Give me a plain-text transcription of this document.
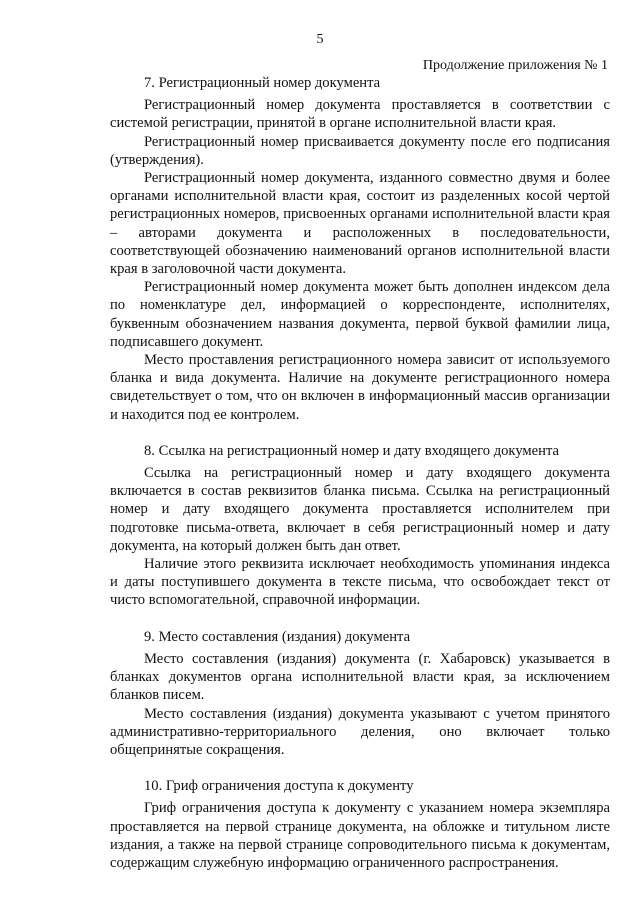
5
Продолжение приложения № 1

7. Регистрационный номер документа

Регистрационный номер документа проставляется в соответствии с системой регистрации, принятой в органе исполнительной власти края.

Регистрационный номер присваивается документу после его подписания (утверждения).

Регистрационный номер документа, изданного совместно двумя и более органами исполнительной власти края, состоит из разделенных косой чертой регистрационных номеров, присвоенных органами исполнительной власти края – авторами документа и расположенных в последовательности, соответствующей обозначению наименований органов исполнительной власти края в заголовочной части документа.

Регистрационный номер документа может быть дополнен индексом дела по номенклатуре дел, информацией о корреспонденте, исполнителях, буквенным обозначением названия документа, первой буквой фамилии лица, подписавшего документ.

Место проставления регистрационного номера зависит от используемого бланка и вида документа. Наличие на документе регистрационного номера свидетельствует о том, что он включен в информационный массив организации и находится под ее контролем.

8. Ссылка на регистрационный номер и дату входящего документа

Ссылка на регистрационный номер и дату входящего документа включается в состав реквизитов бланка письма. Ссылка на регистрационный номер и дату входящего документа проставляется исполнителем при подготовке письма-ответа, включает в себя регистрационный номер и дату документа, на который должен быть дан ответ.

Наличие этого реквизита исключает необходимость упоминания индекса и даты поступившего документа в тексте письма, что освобождает текст от чисто вспомогательной, справочной информации.

9. Место составления (издания) документа

Место составления (издания) документа (г. Хабаровск) указывается в бланках документов органа исполнительной власти края, за исключением бланков писем.

Место составления (издания) документа указывают с учетом принятого административно-территориального деления, оно включает только общепринятые сокращения.

10. Гриф ограничения доступа к документу

Гриф ограничения доступа к документу с указанием номера экземпляра проставляется на первой странице документа, на обложке и титульном листе издания, а также на первой странице сопроводительного письма к документам, содержащим служебную информацию ограниченного распространения.
